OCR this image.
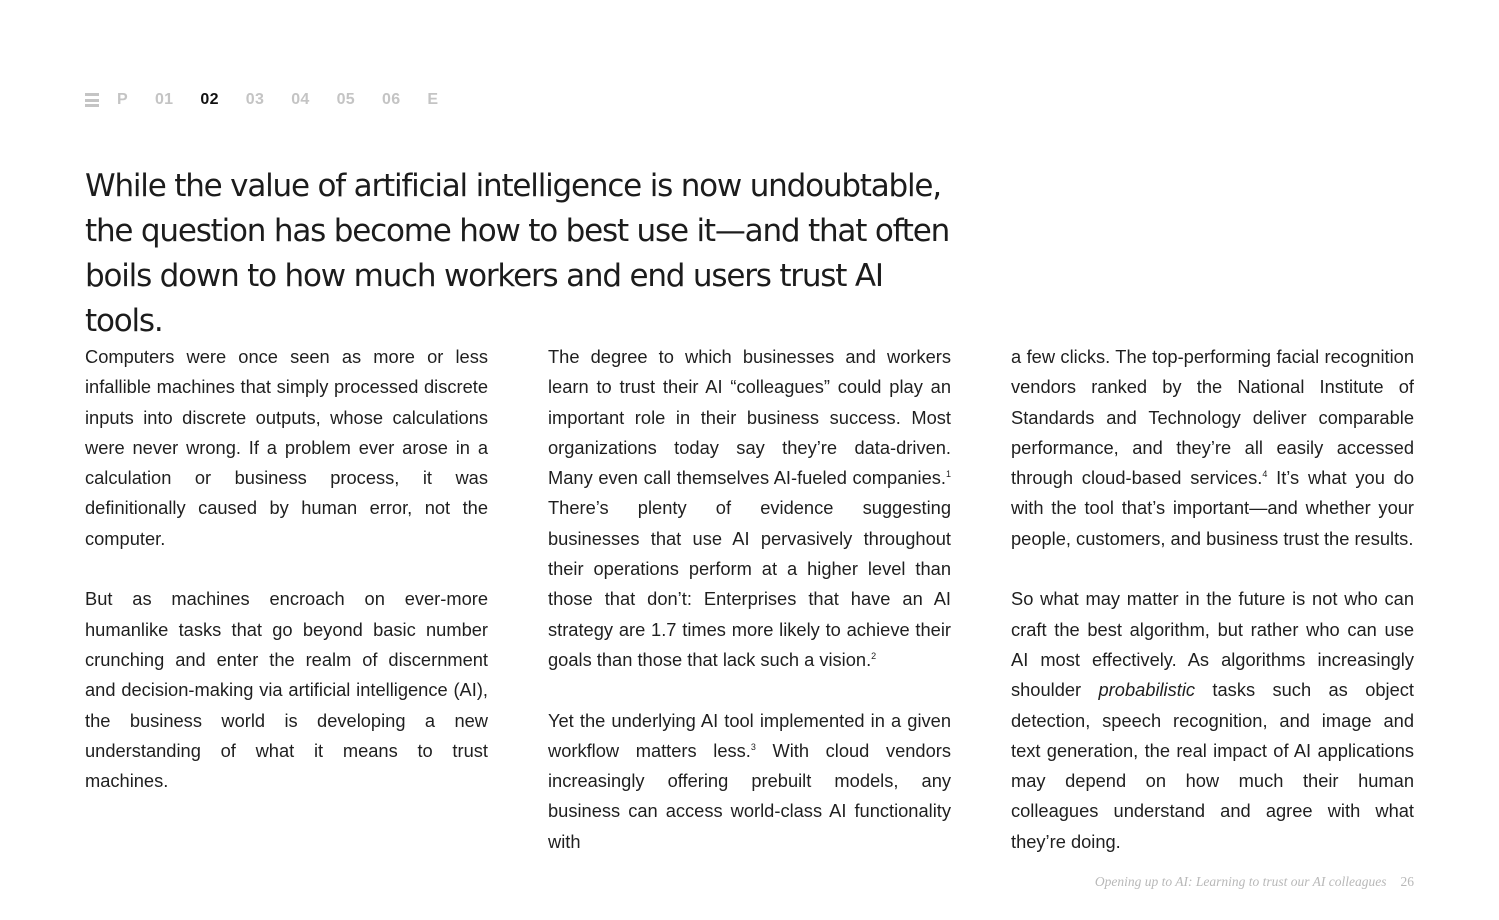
P 01 02 03 04 05 06 E
While the value of artificial intelligence is now undoubtable, the question has become how to best use it—and that often boils down to how much workers and end users trust AI tools.

Computers were once seen as more or less infallible machines that simply processed discrete inputs into discrete outputs, whose calculations were never wrong. If a problem ever arose in a calculation or business process, it was definitionally caused by human error, not the computer.

But as machines encroach on ever-more humanlike tasks that go beyond basic number crunching and enter the realm of discernment and decision-making via artificial intelligence (AI), the business world is developing a new understanding of what it means to trust machines.

The degree to which businesses and workers learn to trust their AI “colleagues” could play an important role in their business success. Most organizations today say they’re data-driven. Many even call themselves AI-fueled companies.$^1$ There’s plenty of evidence suggesting businesses that use AI pervasively throughout their operations perform at a higher level than those that don’t: Enterprises that have an AI strategy are 1.7 times more likely to achieve their goals than those that lack such a vision.$^2$

Yet the underlying AI tool implemented in a given workflow matters less.$^3$ With cloud vendors increasingly offering prebuilt models, any business can access world-class AI functionality with

a few clicks. The top-performing facial recognition vendors ranked by the National Institute of Standards and Technology deliver comparable performance, and they’re all easily accessed through cloud-based services.$^4$ It’s what you do with the tool that’s important—and whether your people, customers, and business trust the results.

So what may matter in the future is not who can craft the best algorithm, but rather who can use AI most effectively. As algorithms increasingly shoulder probabilistic tasks such as object detection, speech recognition, and image and text generation, the real impact of AI applications may depend on how much their human colleagues understand and agree with what they’re doing.

Opening up to AI: Learning to trust our AI colleagues 26
